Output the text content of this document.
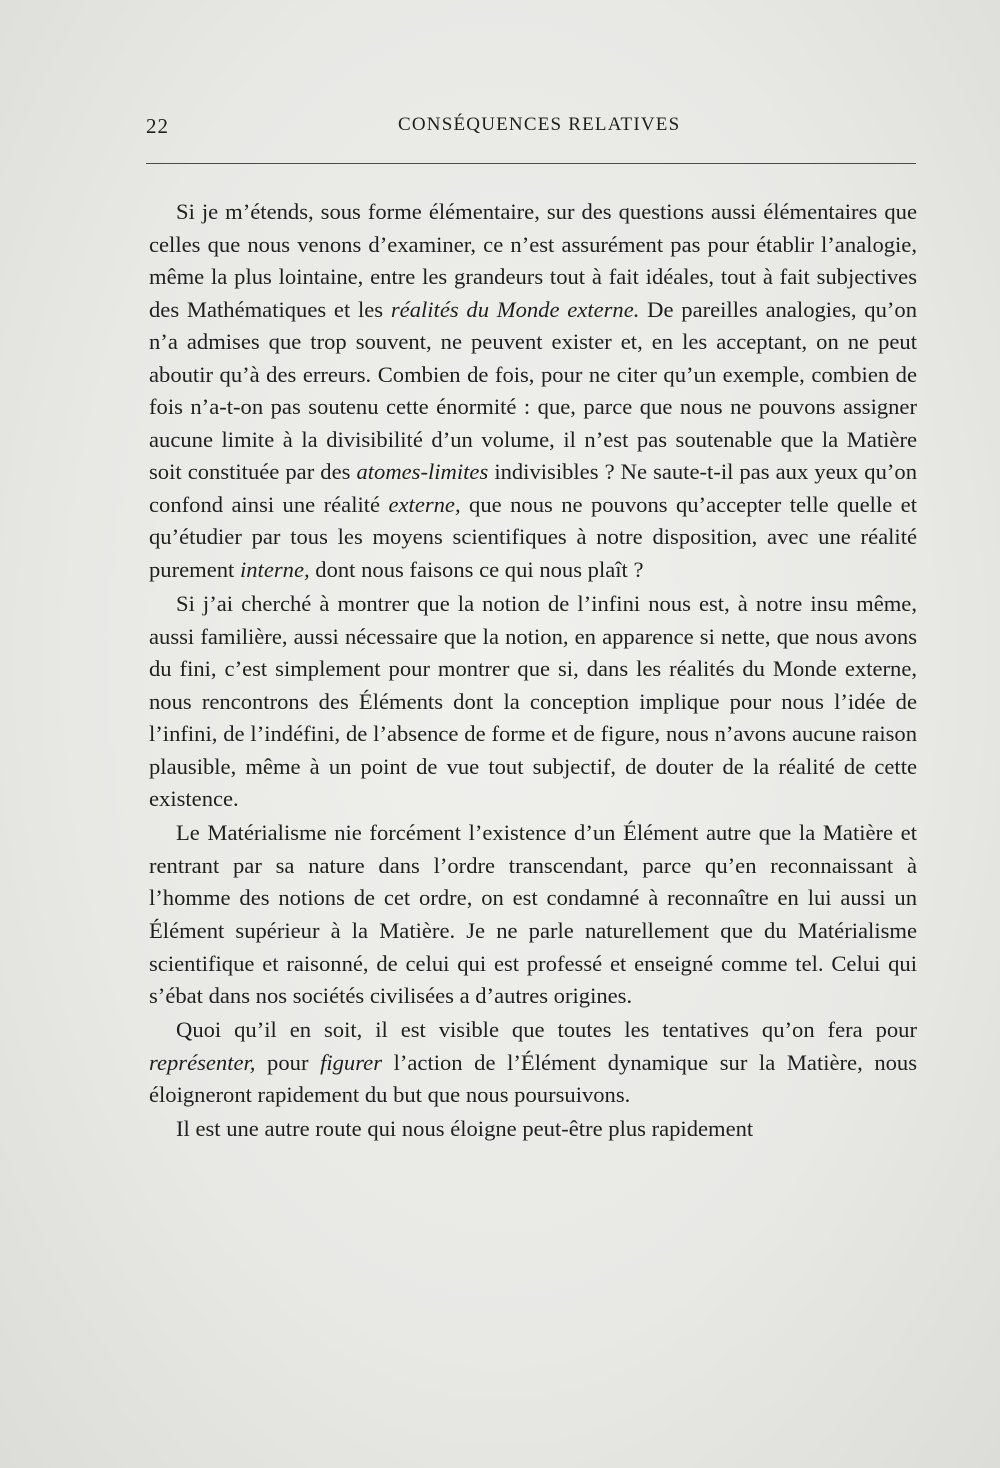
22	CONSÉQUENCES RELATIVES

Si je m’étends, sous forme élémentaire, sur des questions aussi élémentaires que celles que nous venons d’examiner, ce n’est assurément pas pour établir l’analogie, même la plus lointaine, entre les grandeurs tout à fait idéales, tout à fait subjectives des Mathématiques et les réalités du Monde externe. De pareilles analogies, qu’on n’a admises que trop souvent, ne peuvent exister et, en les acceptant, on ne peut aboutir qu’à des erreurs. Combien de fois, pour ne citer qu’un exemple, combien de fois n’a-t-on pas soutenu cette énormité : que, parce que nous ne pouvons assigner aucune limite à la divisibilité d’un volume, il n’est pas soutenable que la Matière soit constituée par des atomes-limites indivisibles ? Ne saute-t-il pas aux yeux qu’on confond ainsi une réalité externe, que nous ne pouvons qu’accepter telle quelle et qu’étudier par tous les moyens scientifiques à notre disposition, avec une réalité purement interne, dont nous faisons ce qui nous plaît ?

Si j’ai cherché à montrer que la notion de l’infini nous est, à notre insu même, aussi familière, aussi nécessaire que la notion, en apparence si nette, que nous avons du fini, c’est simplement pour montrer que si, dans les réalités du Monde externe, nous rencontrons des Éléments dont la conception implique pour nous l’idée de l’infini, de l’indéfini, de l’absence de forme et de figure, nous n’avons aucune raison plausible, même à un point de vue tout subjectif, de douter de la réalité de cette existence.

Le Matérialisme nie forcément l’existence d’un Élément autre que la Matière et rentrant par sa nature dans l’ordre transcendant, parce qu’en reconnaissant à l’homme des notions de cet ordre, on est condamné à reconnaître en lui aussi un Élément supérieur à la Matière. Je ne parle naturellement que du Matérialisme scientifique et raisonné, de celui qui est professé et enseigné comme tel. Celui qui s’ébat dans nos sociétés civilisées a d’autres origines.

Quoi qu’il en soit, il est visible que toutes les tentatives qu’on fera pour représenter, pour figurer l’action de l’Élément dynamique sur la Matière, nous éloigneront rapidement du but que nous poursuivons.

Il est une autre route qui nous éloigne peut-être plus rapidement
